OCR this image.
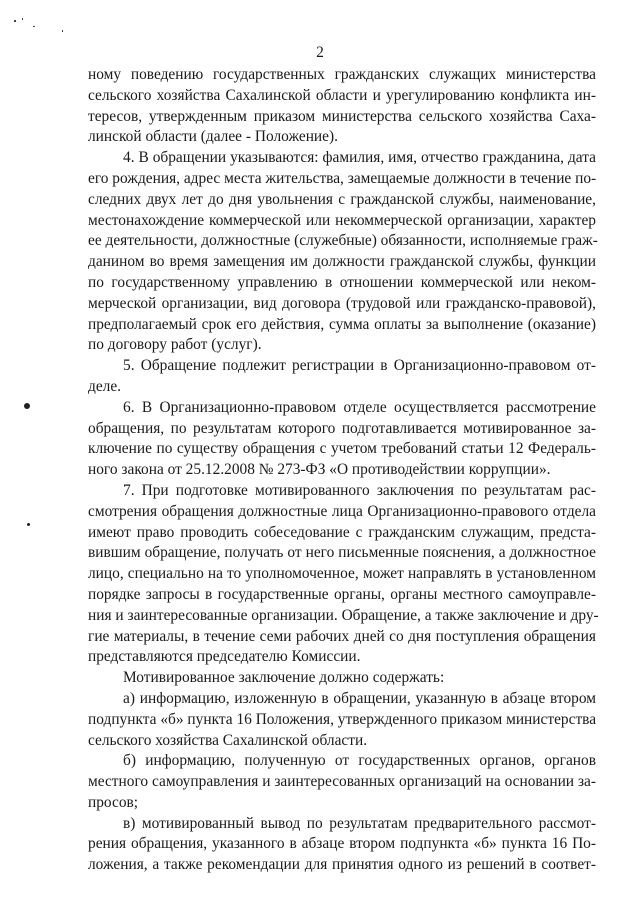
2
ному поведению государственных гражданских служащих министерства
сельского хозяйства Сахалинской области и урегулированию конфликта ин-
тересов, утвержденным приказом министерства сельского хозяйства Саха-
линской области (далее - Положение).
4. В обращении указываются: фамилия, имя, отчество гражданина, дата
его рождения, адрес места жительства, замещаемые должности в течение по-
следних двух лет до дня увольнения с гражданской службы, наименование,
местонахождение коммерческой или некоммерческой организации, характер
ее деятельности, должностные (служебные) обязанности, исполняемые граж-
данином во время замещения им должности гражданской службы, функции
по государственному управлению в отношении коммерческой или неком-
мерческой организации, вид договора (трудовой или гражданско-правовой),
предполагаемый срок его действия, сумма оплаты за выполнение (оказание)
по договору работ (услуг).
5. Обращение подлежит регистрации в Организационно-правовом от-
деле.
6. В Организационно-правовом отделе осуществляется рассмотрение
обращения, по результатам которого подготавливается мотивированное за-
ключение по существу обращения с учетом требований статьи 12 Федераль-
ного закона от 25.12.2008 № 273-ФЗ «О противодействии коррупции».
7. При подготовке мотивированного заключения по результатам рас-
смотрения обращения должностные лица Организационно-правового отдела
имеют право проводить собеседование с гражданским служащим, предста-
вившим обращение, получать от него письменные пояснения, а должностное
лицо, специально на то уполномоченное, может направлять в установленном
порядке запросы в государственные органы, органы местного самоуправле-
ния и заинтересованные организации. Обращение, а также заключение и дру-
гие материалы, в течение семи рабочих дней со дня поступления обращения
представляются председателю Комиссии.
Мотивированное заключение должно содержать:
а) информацию, изложенную в обращении, указанную в абзаце втором
подпункта «б» пункта 16 Положения, утвержденного приказом министерства
сельского хозяйства Сахалинской области.
б) информацию, полученную от государственных органов, органов
местного самоуправления и заинтересованных организаций на основании за-
просов;
в) мотивированный вывод по результатам предварительного рассмот-
рения обращения, указанного в абзаце втором подпункта «б» пункта 16 По-
ложения, а также рекомендации для принятия одного из решений в соответ-
